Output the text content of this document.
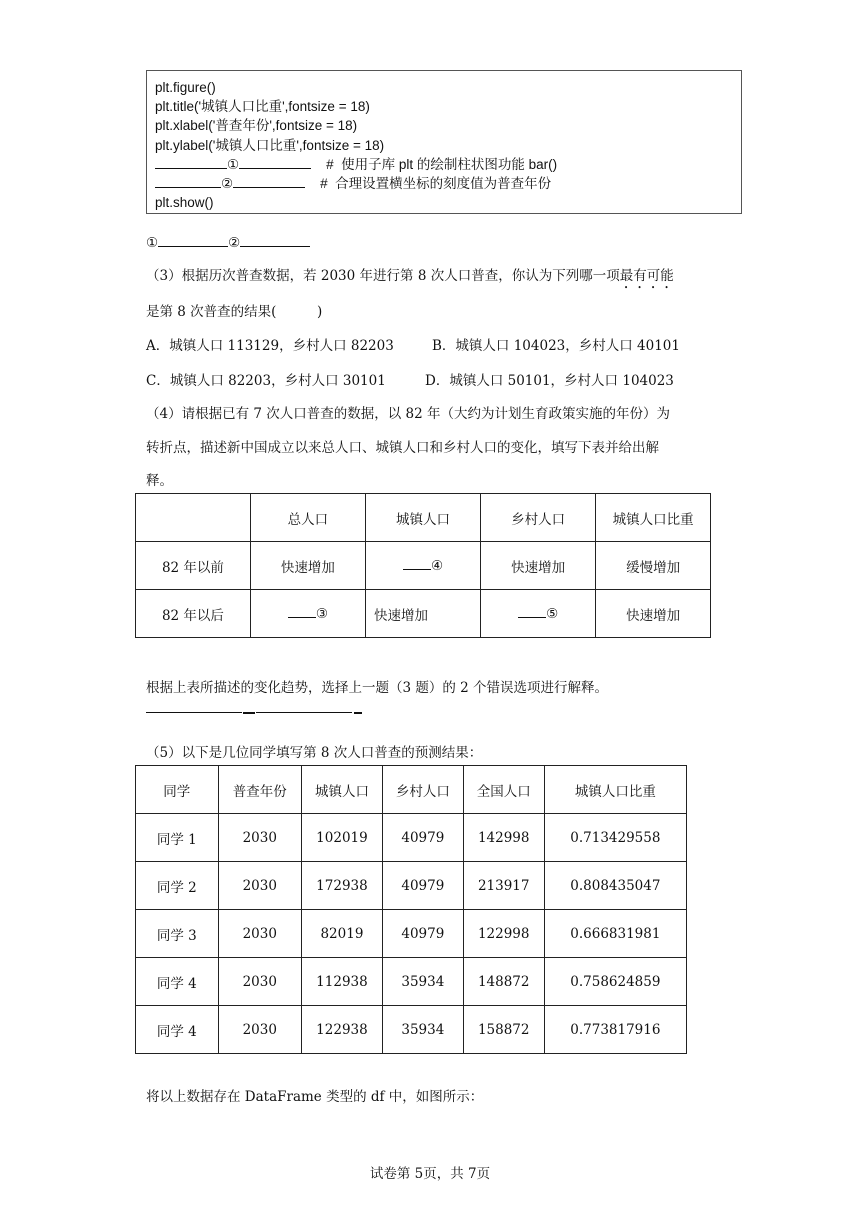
plt.figure()
plt.title('城镇人口比重',fontsize = 18)
plt.xlabel('普查年份',fontsize = 18)
plt.ylabel('城镇人口比重',fontsize = 18)
①	#  使用子库 plt 的绘制柱状图功能 bar()
②	#  合理设置横坐标的刻度值为普查年份
plt.show()
①	②
（3）根据历次普查数据，若 2030 年进行第 8 次人口普查，你认为下列哪一项最有可能
是第 8 次普查的结果(　　　)
A．城镇人口 113129，乡村人口 82203	B．城镇人口 104023，乡村人口 40101
C．城镇人口 82203，乡村人口 30101	D．城镇人口 50101，乡村人口 104023
（4）请根据已有 7 次人口普查的数据，以 82 年（大约为计划生育政策实施的年份）为
转折点，描述新中国成立以来总人口、城镇人口和乡村人口的变化，填写下表并给出解
释。
	总人口	城镇人口	乡村人口	城镇人口比重
82 年以前	快速增加	④	快速增加	缓慢增加
82 年以后	③	快速增加	⑤	快速增加
根据上表所描述的变化趋势，选择上一题（3 题）的 2 个错误选项进行解释。
（5）以下是几位同学填写第 8 次人口普查的预测结果：
同学	普查年份	城镇人口	乡村人口	全国人口	城镇人口比重
同学 1	2030	102019	40979	142998	0.713429558
同学 2	2030	172938	40979	213917	0.808435047
同学 3	2030	82019	40979	122998	0.666831981
同学 4	2030	112938	35934	148872	0.758624859
同学 4	2030	122938	35934	158872	0.773817916
将以上数据存在 DataFrame 类型的 df 中，如图所示：
试卷第 5页，共 7页
